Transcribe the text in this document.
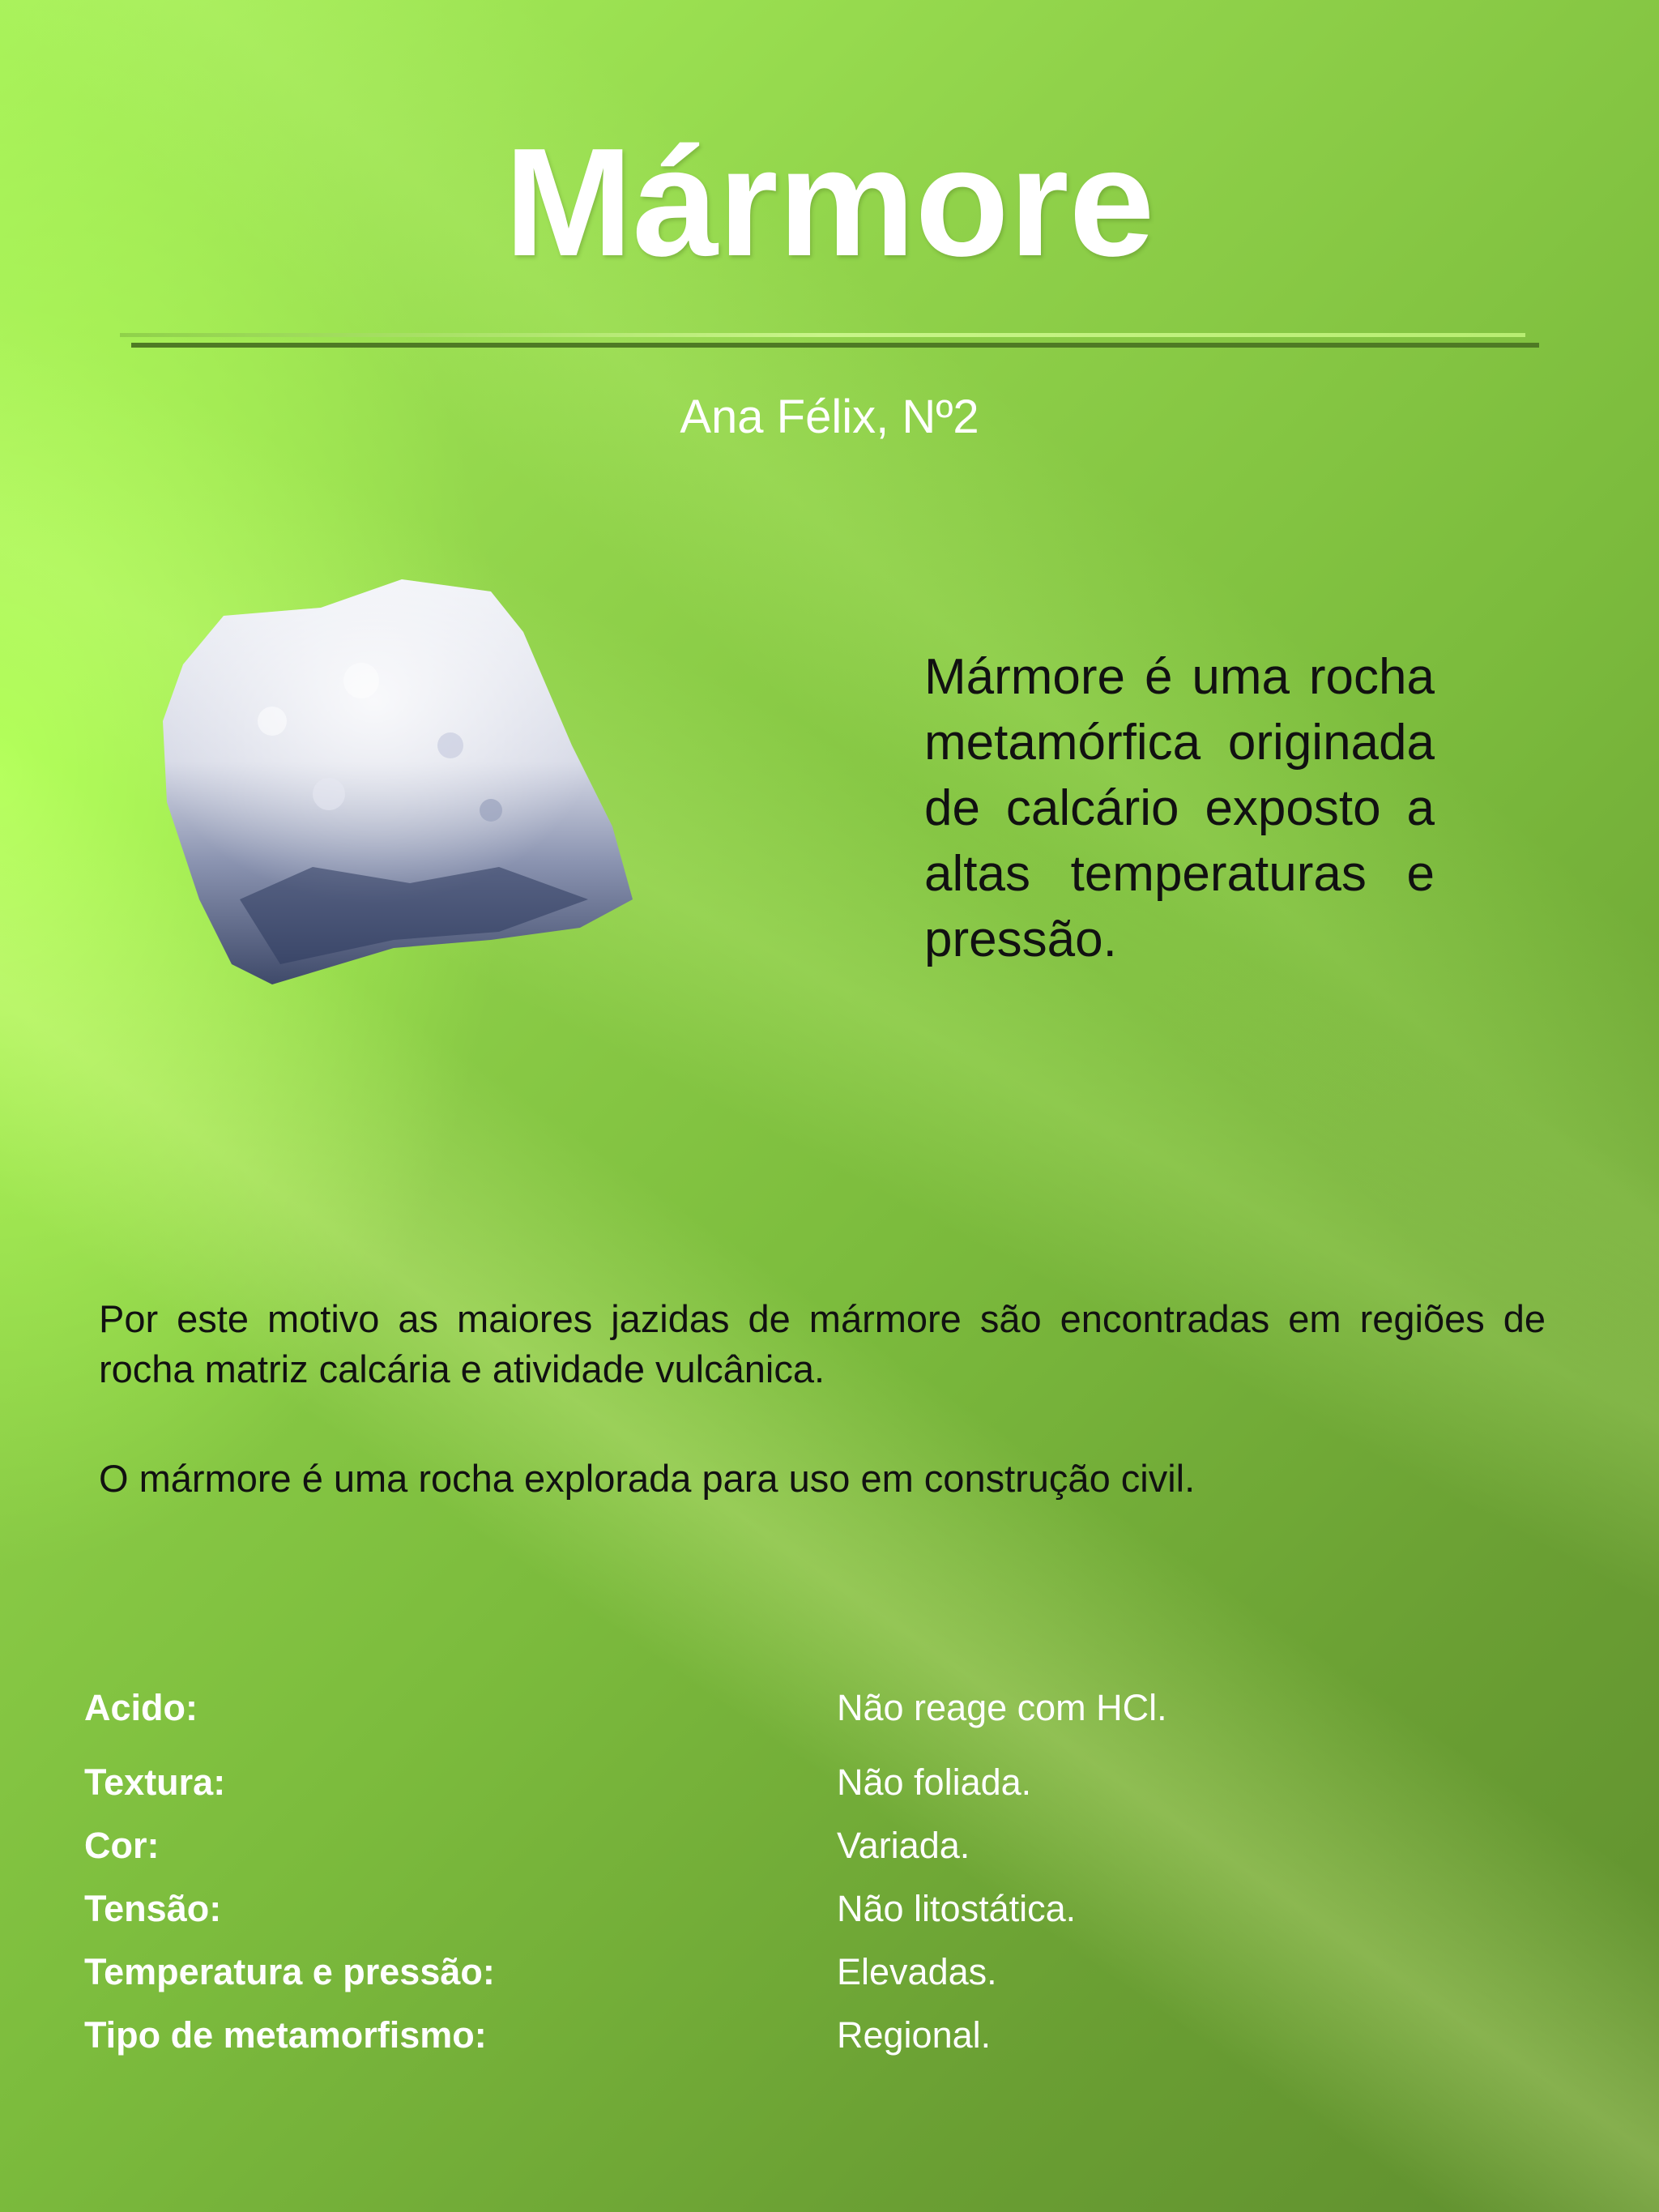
Mármore
Ana Félix, Nº2
Mármore é uma rocha metamórfica originada de calcário exposto a altas temperaturas e pressão.

Por este motivo as maiores jazidas de mármore são encontradas em regiões de rocha matriz calcária e atividade vulcânica.

O mármore é uma rocha explorada para uso em construção civil.

Acido:	Não reage com HCl.
Textura:	Não foliada.
Cor:	Variada.
Tensão:	Não litostática.
Temperatura e pressão:	Elevadas.
Tipo de metamorfismo:	Regional.
